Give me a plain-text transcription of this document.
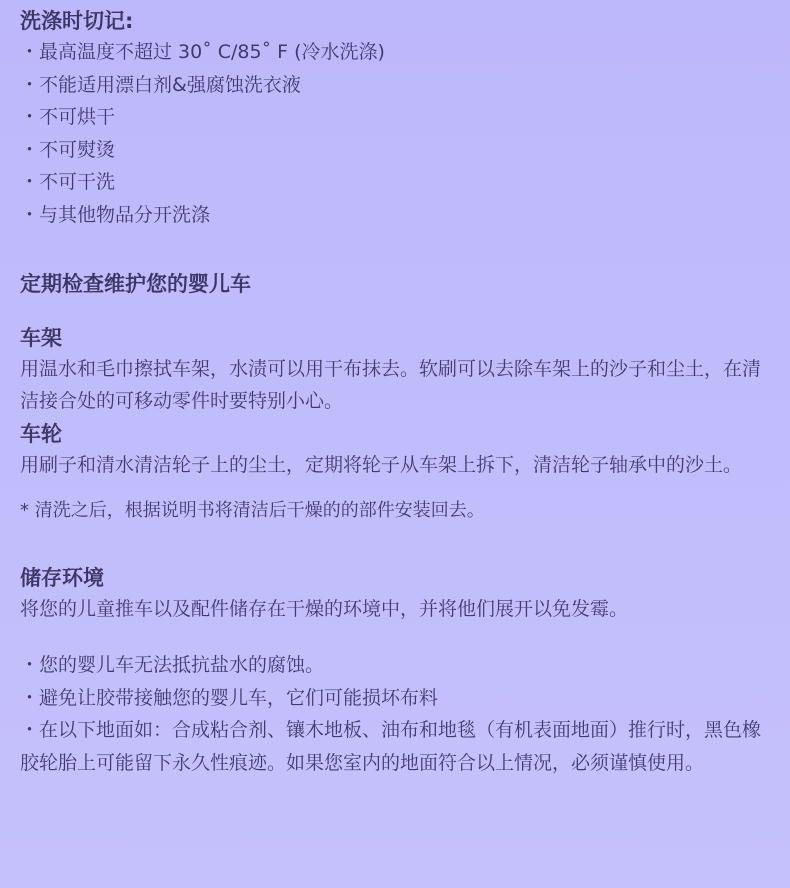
洗涤时切记:
・最高温度不超过 30˚ C/85˚ F (冷水洗涤)
・不能适用漂白剂&强腐蚀洗衣液
・不可烘干
・不可熨烫
・不可干洗
・与其他物品分开洗涤
定期检查维护您的婴儿车
车架

用温水和毛巾擦拭车架，水渍可以用干布抹去。软刷可以去除车架上的沙子和尘土，在清洁接合处的可移动零件时要特别小心。

车轮

用刷子和清水清洁轮子上的尘土，定期将轮子从车架上拆下，清洁轮子轴承中的沙土。

* 清洗之后，根据说明书将清洁后干燥的的部件安装回去。

储存环境

将您的儿童推车以及配件储存在干燥的环境中，并将他们展开以免发霉。

・您的婴儿车无法抵抗盐水的腐蚀。
・避免让胶带接触您的婴儿车，它们可能损坏布料
・在以下地面如：合成粘合剂、镶木地板、油布和地毯（有机表面地面）推行时，黑色橡胶轮胎上可能留下永久性痕迹。如果您室内的地面符合以上情况，必须谨慎使用。
